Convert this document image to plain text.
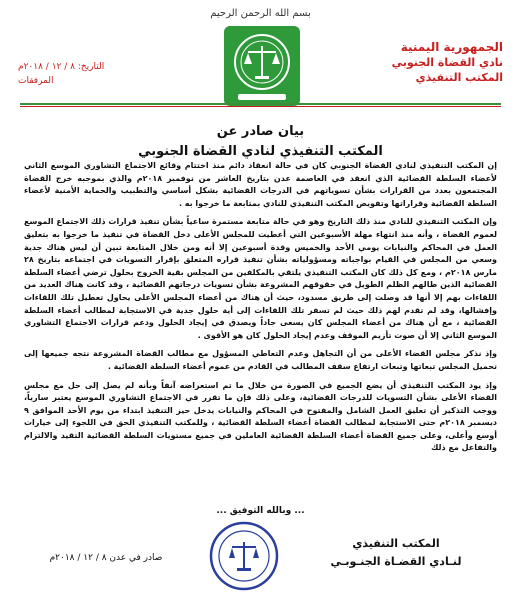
بسم الله الرحمن الرحيم
الجمهورية اليمنية
نادي القضاة الجنوبي
المكتب التنفيذي
التاريخ: ٨ / ١٢ / ٢٠١٨م
المرفقات
بيان صادر عن
المكتب التنفيذي لنادي القضاة الجنوبي

إن المكتب التنفيذي لنادي القضاة الجنوبي كان في حالة انعقاد دائم منذ اختتام وقائع الاجتماع التشاوري الموسع الثاني لأعضاء السلطة القضائية الذي انعقد في العاصمة عدن بتاريخ العاشر من نوفمبر ٢٠١٨م والذي بموجبه خرج القضاة المجتمعون بعدد من القرارات بشأن تسوياتهم في الدرجات القضائية بشكل أساسي والتطبيب والحماية الأمنية لأعضاء السلطة القضائية وقراراتها وتفويض المكتب التنفيذي للنادي بمتابعة ما خرجوا به .

وإن المكتب التنفيذي للنادي منذ ذلك التاريخ وهو في حالة متابعة مستمرة ساعياً بشأن تنفيذ قرارات ذلك الاجتماع الموسع لعموم القضاة ، وأنه منذ انتهاء مهلة الأسبوعين التي أعطيت للمجلس الأعلى دخل القضاة في تنفيذ ما خرجوا به بتعليق العمل في المحاكم والنيابات يومي الأحد والخميس وقدة أسبوعين إلا أنه ومن خلال المتابعة تبين أن ليس هناك جدية وسعي من المجلس في القيام بواجباته ومسؤولياته بشأن تنفيذ قراره المتعلق بإقرار التسويات في اجتماعه بتاريخ ٢٨ مارس ٢٠١٨م ، ومع كل ذلك كان المكتب التنفيذي يلتقي بالمكلفين من المجلس بقية الخروج بحلول ترضي أعضاء السلطة القضائية الذين طالهم الظلم الطويل في حقوقهم المشروعة بشأن تسويات درجاتهم القضائية ، وقد كانت هناك العديد من اللقاءات بهم إلا أنها قد وصلت إلى طريق مسدود، حيث أن هناك من أعضاء المجلس الأعلى يحاول تعطيل تلك اللقاءات وإفشالها، وقد لم تقدم لهم ذلك حيث لم تسفر تلك اللقاءات إلى أية حلول جدية في الاستجابة لمطالب أعضاء السلطة القضائية ، مع أن هناك من أعضاء المجلس كان يسعى جاداً ويصدق في إيجاد الحلول ودعم قرارات الاجتماع التشاوري الموسع الثاني إلا أن صوت تأزيم الموقف وعدم إيجاد الحلول كان هو الأقوى .

وإذ نذكر مجلس القضاء الأعلى من أن التجاهل وعدم التعاطي المسؤول مع مطالب القضاة المشروعة نتجه جميعها إلى تحميل المجلس تبعاتها وتبعات ارتفاع سقف المطالب في القادم من عموم أعضاء السلطة القضائية .

وإذ يود المكتب التنفيذي أن يضع الجميع في الصورة من خلال ما تم استعراضه آنفاً وبأنه لم يصل إلى حل مع مجلس القضاء الأعلى بشأن التسويات للدرجات القضائية، وعلى ذلك فإن ما تقرر في الاجتماع التشاوري الموسع يعتبر سارياً، ووجب التذكير أن تعليق العمل الشامل والمفتوح في المحاكم والنيابات يدخل حيز التنفيذ ابتداء من يوم الأحد الموافق ٩ ديسمبر ٢٠١٨م حتى الاستجابة لمطالب القضاة أعضاء السلطة القضائية ، وللمكتب التنفيذي الحق في اللجوء إلى خيارات أوسع وأعلى، وعلى جميع القضاة أعضاء السلطة القضائية العاملين في جميع مستويات السلطة القضائية التقيد والالتزام والتفاعل مع ذلك

... وبالله التوفيق ...
المكتب التنفيذي
لنـادي القضـاة الجنـوبـي
صادر في عدن ٨ / ١٢ / ٢٠١٨م
